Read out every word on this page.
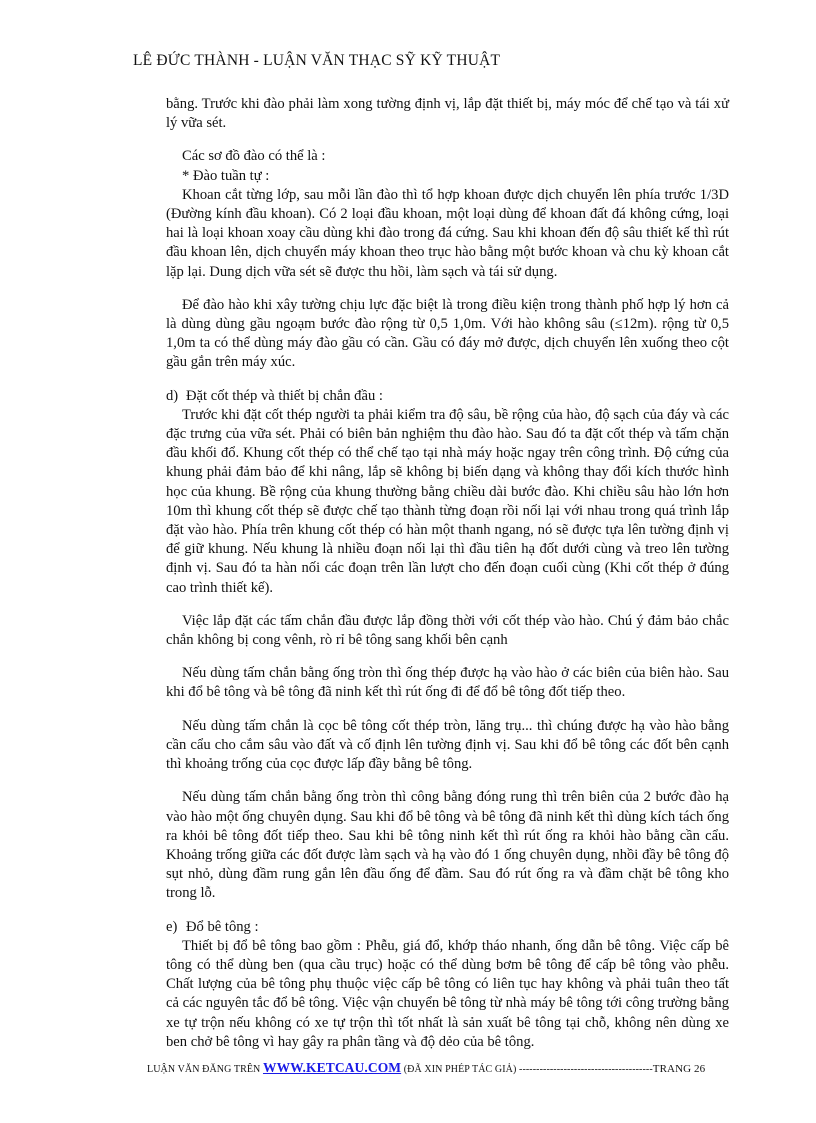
LÊ ĐỨC THÀNH - LUẬN VĂN THẠC SỸ KỸ THUẬT

bằng. Trước khi đào phải làm xong tường định vị, lắp đặt thiết bị, máy móc để chế tạo và tái xử lý vữa sét.

Các sơ đồ đào có thể là :

* Đào tuần tự :

Khoan cắt từng lớp, sau mỗi lần đào thì tổ hợp khoan được dịch chuyển lên phía trước 1/3D (Đường kính đầu khoan). Có 2 loại đầu khoan, một loại dùng để khoan đất đá không cứng, loại hai là loại khoan xoay cầu dùng khi đào trong đá cứng. Sau khi khoan đến độ sâu thiết kế thì rút đầu khoan lên, dịch chuyển máy khoan theo trục hào bằng một bước khoan và chu kỳ khoan cắt lặp lại. Dung dịch vữa sét sẽ được thu hồi, làm sạch và tái sử dụng.

Để đào hào khi xây tường chịu lực đặc biệt là trong điều kiện trong thành phố hợp lý hơn cả là dùng dùng gầu ngoạm bước đào rộng từ 0,5 1,0m. Với hào không sâu (≤12m). rộng từ 0,5 1,0m ta có thể dùng máy đào gầu có cần. Gầu có đáy mở được, dịch chuyển lên xuống theo cột gầu gắn trên máy xúc.

d) Đặt cốt thép và thiết bị chắn đầu :

Trước khi đặt cốt thép người ta phải kiểm tra độ sâu, bề rộng của hào, độ sạch của đáy và các đặc trưng của vữa sét. Phải có biên bản nghiệm thu đào hào. Sau đó ta đặt cốt thép và tấm chặn đầu khối đổ. Khung cốt thép có thể chế tạo tại nhà máy hoặc ngay trên công trình. Độ cứng của khung phải đảm bảo để khi nâng, lắp sẽ không bị biến dạng và không thay đổi kích thước hình học của khung. Bề rộng của khung thường bằng chiều dài bước đào. Khi chiều sâu hào lớn hơn 10m thì khung cốt thép sẽ được chế tạo thành từng đoạn rồi nối lại với nhau trong quá trình lắp đặt vào hào. Phía trên khung cốt thép có hàn một thanh ngang, nó sẽ được tựa lên tường định vị để giữ khung. Nếu khung là nhiều đoạn nối lại thì đầu tiên hạ đốt dưới cùng và treo lên tường định vị. Sau đó ta hàn nối các đoạn trên lần lượt cho đến đoạn cuối cùng (Khi cốt thép ở đúng cao trình thiết kế).

Việc lắp đặt các tấm chắn đầu được lắp đồng thời với cốt thép vào hào. Chú ý đảm bảo chắc chắn không bị cong vênh, rò rỉ bê tông sang khối bên cạnh

Nếu dùng tấm chắn bằng ống tròn thì ống thép được hạ vào hào ở các biên của biên hào. Sau khi đổ bê tông và bê tông đã ninh kết thì rút ống đi để đổ bê tông đốt tiếp theo.

Nếu dùng tấm chắn là cọc bê tông cốt thép tròn, lăng trụ... thì chúng được hạ vào hào bằng cần cẩu cho cắm sâu vào đất và cố định lên tường định vị. Sau khi đổ bê tông các đốt bên cạnh thì khoảng trống của cọc được lấp đầy bằng bê tông.

Nếu dùng tấm chắn bằng ống tròn thì công bằng đóng rung thì trên biên của 2 bước đào hạ vào hào một ống chuyên dụng. Sau khi đổ bê tông và bê tông đã ninh kết thì dùng kích tách ống ra khỏi bê tông đốt tiếp theo. Sau khi bê tông ninh kết thì rút ống ra khỏi hào bằng cần cẩu. Khoảng trống giữa các đốt được làm sạch và hạ vào đó 1 ống chuyên dụng, nhồi đầy bê tông độ sụt nhỏ, dùng đầm rung gắn lên đầu ống để đầm. Sau đó rút ống ra và đầm chặt bê tông kho trong lỗ.

e) Đổ bê tông :

Thiết bị đổ bê tông bao gồm : Phễu, giá đổ, khớp tháo nhanh, ống dẫn bê tông. Việc cấp bê tông có thể dùng ben (qua cầu trục) hoặc có thể dùng bơm bê tông để cấp bê tông vào phễu. Chất lượng của bê tông phụ thuộc việc cấp bê tông có liên tục hay không và phải tuân theo tất cả các nguyên tắc đổ bê tông. Việc vận chuyển bê tông từ nhà máy bê tông tới công trường bằng xe tự trộn nếu không có xe tự trộn thì tốt nhất là sản xuất bê tông tại chỗ, không nên dùng xe ben chở bê tông vì hay gây ra phân tầng và độ dẻo của bê tông.

LUẬN VĂN ĐĂNG TRÊN WWW.KETCAU.COM (ĐÃ XIN PHÉP TÁC GIẢ) ---------------------------------------TRANG 26
